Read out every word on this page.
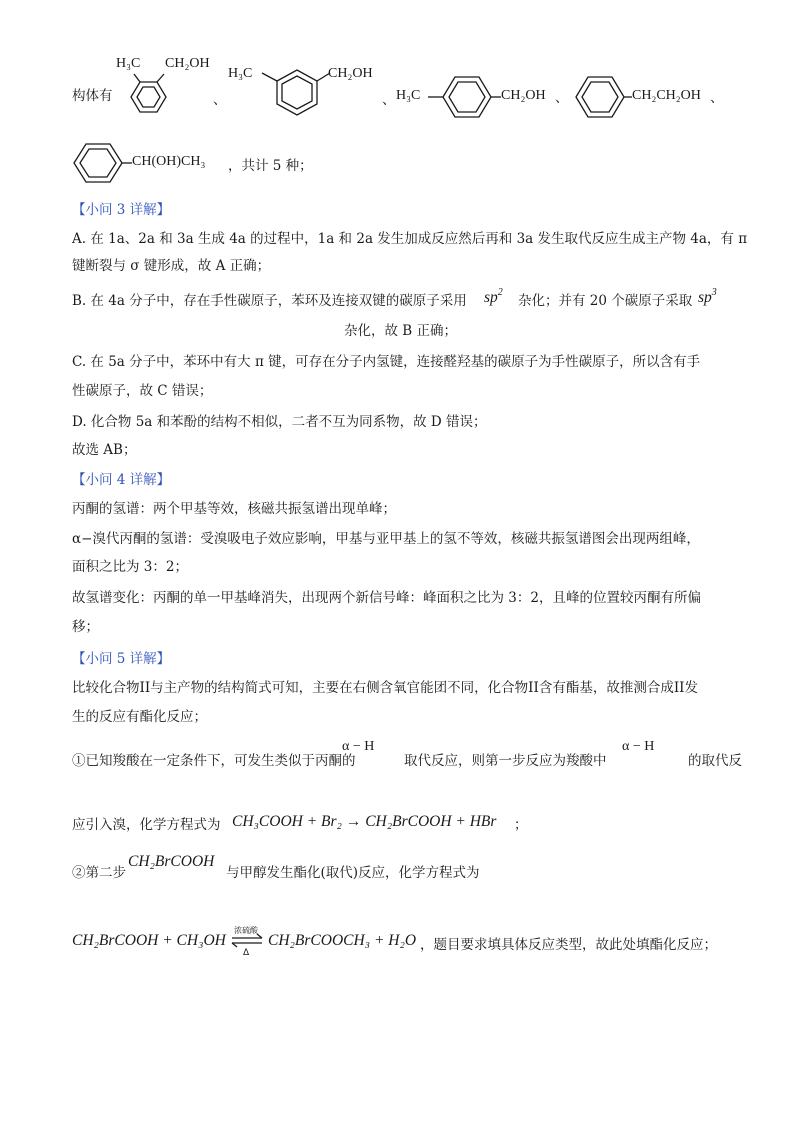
构体有
H₃C CH₂OH
、
H₃C	CH₂OH
、 H₃C	CH₂OH 、	CH₂CH₂OH 、
CH(OH)CH₃ ，共计 5 种；
【小问 3 详解】
A. 在 1a、2a 和 3a 生成 4a 的过程中，1a 和 2a 发生加成反应然后再和 3a 发生取代反应生成主产物 4a，有 π
键断裂与 σ 键形成，故 A 正确；
B. 在 4a 分子中，存在手性碳原子，苯环及连接双键的碳原子采用 $sp^2$
杂化；并有 20 个碳原子采取 $sp^3$
杂化，故 B 正确；
C. 在 5a 分子中，苯环中有大 π 键，可存在分子内氢键，连接醛羟基的碳原子为手性碳原子，所以含有手
性碳原子，故 C 错误；
D. 化合物 5a 和苯酚的结构不相似，二者不互为同系物，故 D 错误；
故选 AB；
【小问 4 详解】
丙酮的氢谱：两个甲基等效，核磁共振氢谱出现单峰；
α−溴代丙酮的氢谱：受溴吸电子效应影响，甲基与亚甲基上的氢不等效，核磁共振氢谱图会出现两组峰，
面积之比为 3：2；
故氢谱变化：丙酮的单一甲基峰消失，出现两个新信号峰：峰面积之比为 3：2，且峰的位置较丙酮有所偏
移；
【小问 5 详解】
比较化合物II与主产物的结构简式可知，主要在右侧含氧官能团不同，化合物II含有酯基，故推测合成II发
生的反应有酯化反应；
①已知羧酸在一定条件下，可发生类似于丙酮的
α − H
取代反应，则第一步反应为羧酸中
α − H
的取代反
应引入溴，化学方程式为 CH₃COOH + Br₂ → CH₂BrCOOH + HBr ；
②第二步
CH₂BrCOOH
与甲醇发生酯化(取代)反应，化学方程式为
CH₂BrCOOH + CH₃OH
浓硫酸
Δ
CH₂BrCOOCH₃ + H₂O ，题目要求填具体反应类型，故此处填酯化反应；
